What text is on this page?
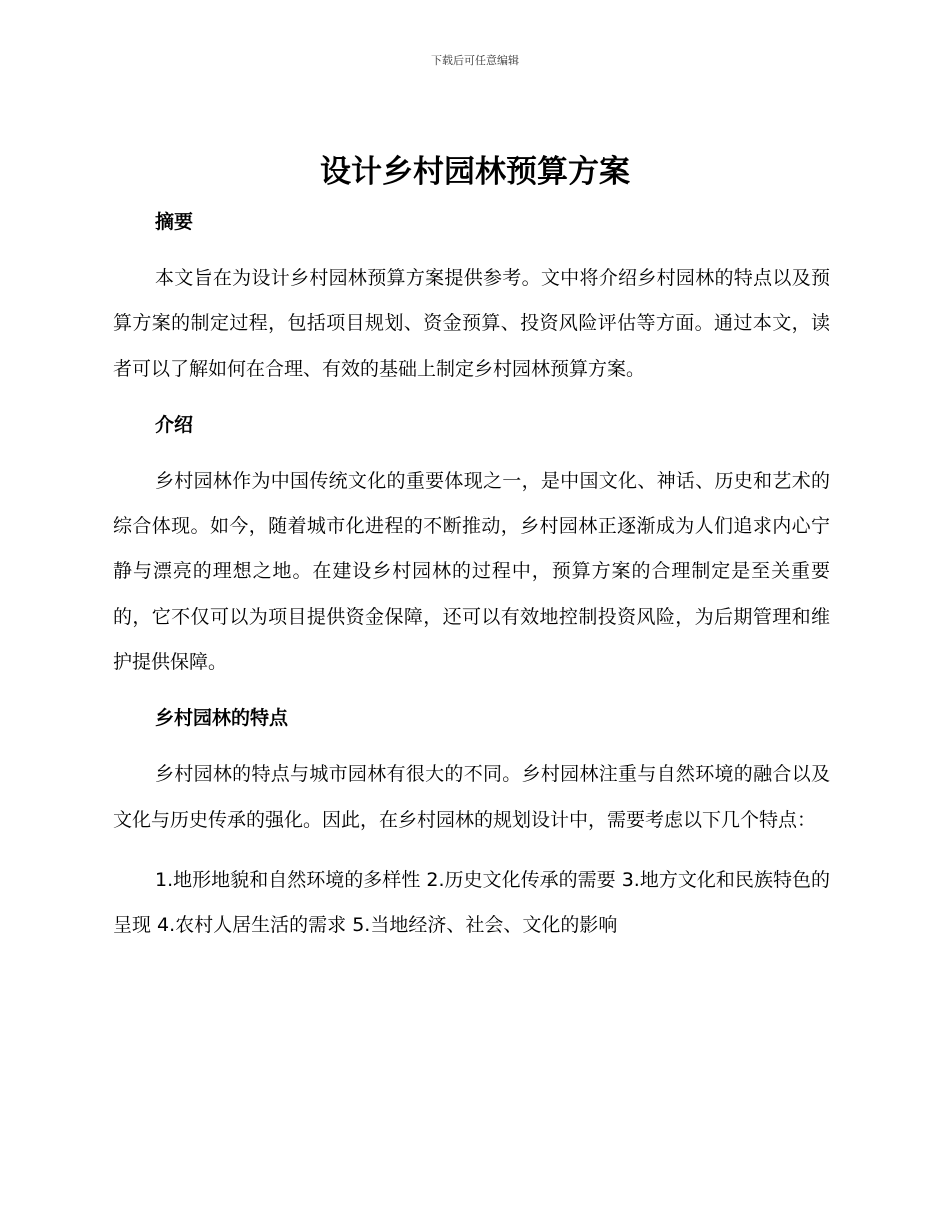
下载后可任意编辑
设计乡村园林预算方案
摘要

本文旨在为设计乡村园林预算方案提供参考。文中将介绍乡村园林的特点以及预算方案的制定过程，包括项目规划、资金预算、投资风险评估等方面。通过本文，读者可以了解如何在合理、有效的基础上制定乡村园林预算方案。

介绍

乡村园林作为中国传统文化的重要体现之一，是中国文化、神话、历史和艺术的综合体现。如今，随着城市化进程的不断推动，乡村园林正逐渐成为人们追求内心宁静与漂亮的理想之地。在建设乡村园林的过程中，预算方案的合理制定是至关重要的，它不仅可以为项目提供资金保障，还可以有效地控制投资风险，为后期管理和维护提供保障。

乡村园林的特点

乡村园林的特点与城市园林有很大的不同。乡村园林注重与自然环境的融合以及文化与历史传承的强化。因此，在乡村园林的规划设计中，需要考虑以下几个特点：

1.地形地貌和自然环境的多样性 2.历史文化传承的需要 3.地方文化和民族特色的呈现 4.农村人居生活的需求 5.当地经济、社会、文化的影响
